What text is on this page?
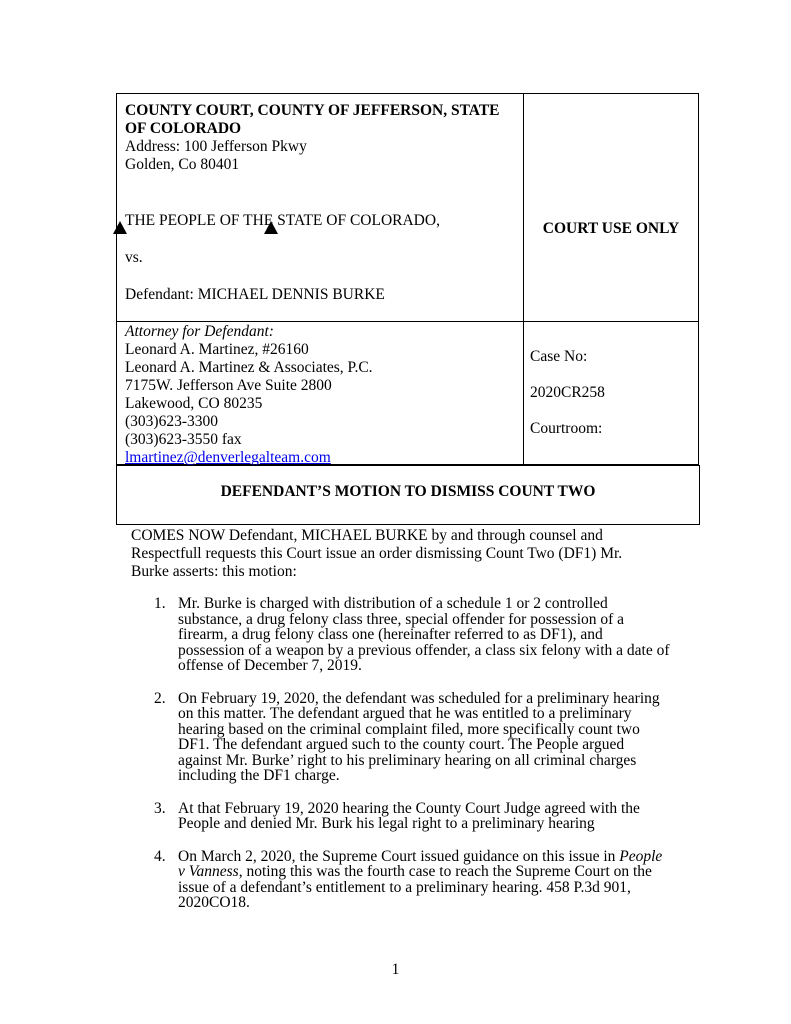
COUNTY COURT, COUNTY OF JEFFERSON, STATE OF COLORADO
Address: 100 Jefferson Pkwy
Golden, Co 80401

THE PEOPLE OF THE STATE OF COLORADO,

vs.

Defendant: MICHAEL DENNIS BURKE

COURT USE ONLY
Attorney for Defendant:
Leonard A. Martinez, #26160
Leonard A. Martinez & Associates, P.C.
7175W. Jefferson Ave Suite 2800
Lakewood, CO 80235
(303)623-3300
(303)623-3550 fax
lmartinez@denverlegalteam.com

Case No:

2020CR258

Courtroom:

DEFENDANT’S MOTION TO DISMISS COUNT TWO
COMES NOW Defendant, MICHAEL BURKE by and through counsel and Respectfull requests this Court issue an order dismissing Count Two (DF1) Mr. Burke asserts: this motion:
1. Mr. Burke is charged with distribution of a schedule 1 or 2 controlled substance, a drug felony class three, special offender for possession of a firearm, a drug felony class one (hereinafter referred to as DF1), and possession of a weapon by a previous offender, a class six felony with a date of offense of December 7, 2019.
2. On February 19, 2020, the defendant was scheduled for a preliminary hearing on this matter. The defendant argued that he was entitled to a preliminary hearing based on the criminal complaint filed, more specifically count two DF1. The defendant argued such to the county court. The People argued against Mr. Burke’ right to his preliminary hearing on all criminal charges including the DF1 charge.
3. At that February 19, 2020 hearing the County Court Judge agreed with the People and denied Mr. Burk his legal right to a preliminary hearing
4. On March 2, 2020, the Supreme Court issued guidance on this issue in People v Vanness, noting this was the fourth case to reach the Supreme Court on the issue of a defendant’s entitlement to a preliminary hearing. 458 P.3d 901, 2020CO18.
1
